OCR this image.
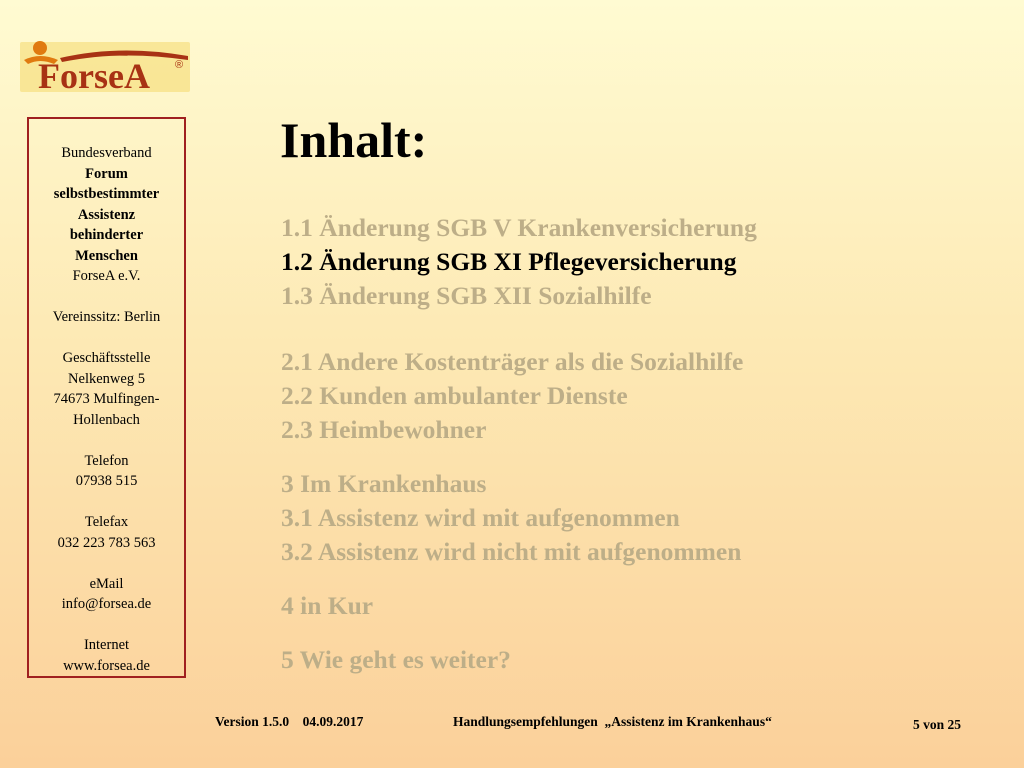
ForseA ®
Bundesverband
Forum
selbstbestimmter
Assistenz
behinderter
Menschen
ForseA e.V.
Vereinssitz: Berlin
Geschäftsstelle
Nelkenweg 5
74673 Mulfingen-
Hollenbach
Telefon
07938 515
Telefax
032 223 783 563
eMail
info@forsea.de
Internet
www.forsea.de
Inhalt:
1.1 Änderung SGB V Krankenversicherung
1.2 Änderung SGB XI Pflegeversicherung
1.3 Änderung SGB XII Sozialhilfe
2.1 Andere Kostenträger als die Sozialhilfe
2.2 Kunden ambulanter Dienste
2.3 Heimbewohner
3 Im Krankenhaus
3.1 Assistenz wird mit aufgenommen
3.2 Assistenz wird nicht mit aufgenommen
4 in Kur
5 Wie geht es weiter?
Version 1.5.0    04.09.2017	Handlungsempfehlungen  „Assistenz im Krankenhaus“	5 von 25
